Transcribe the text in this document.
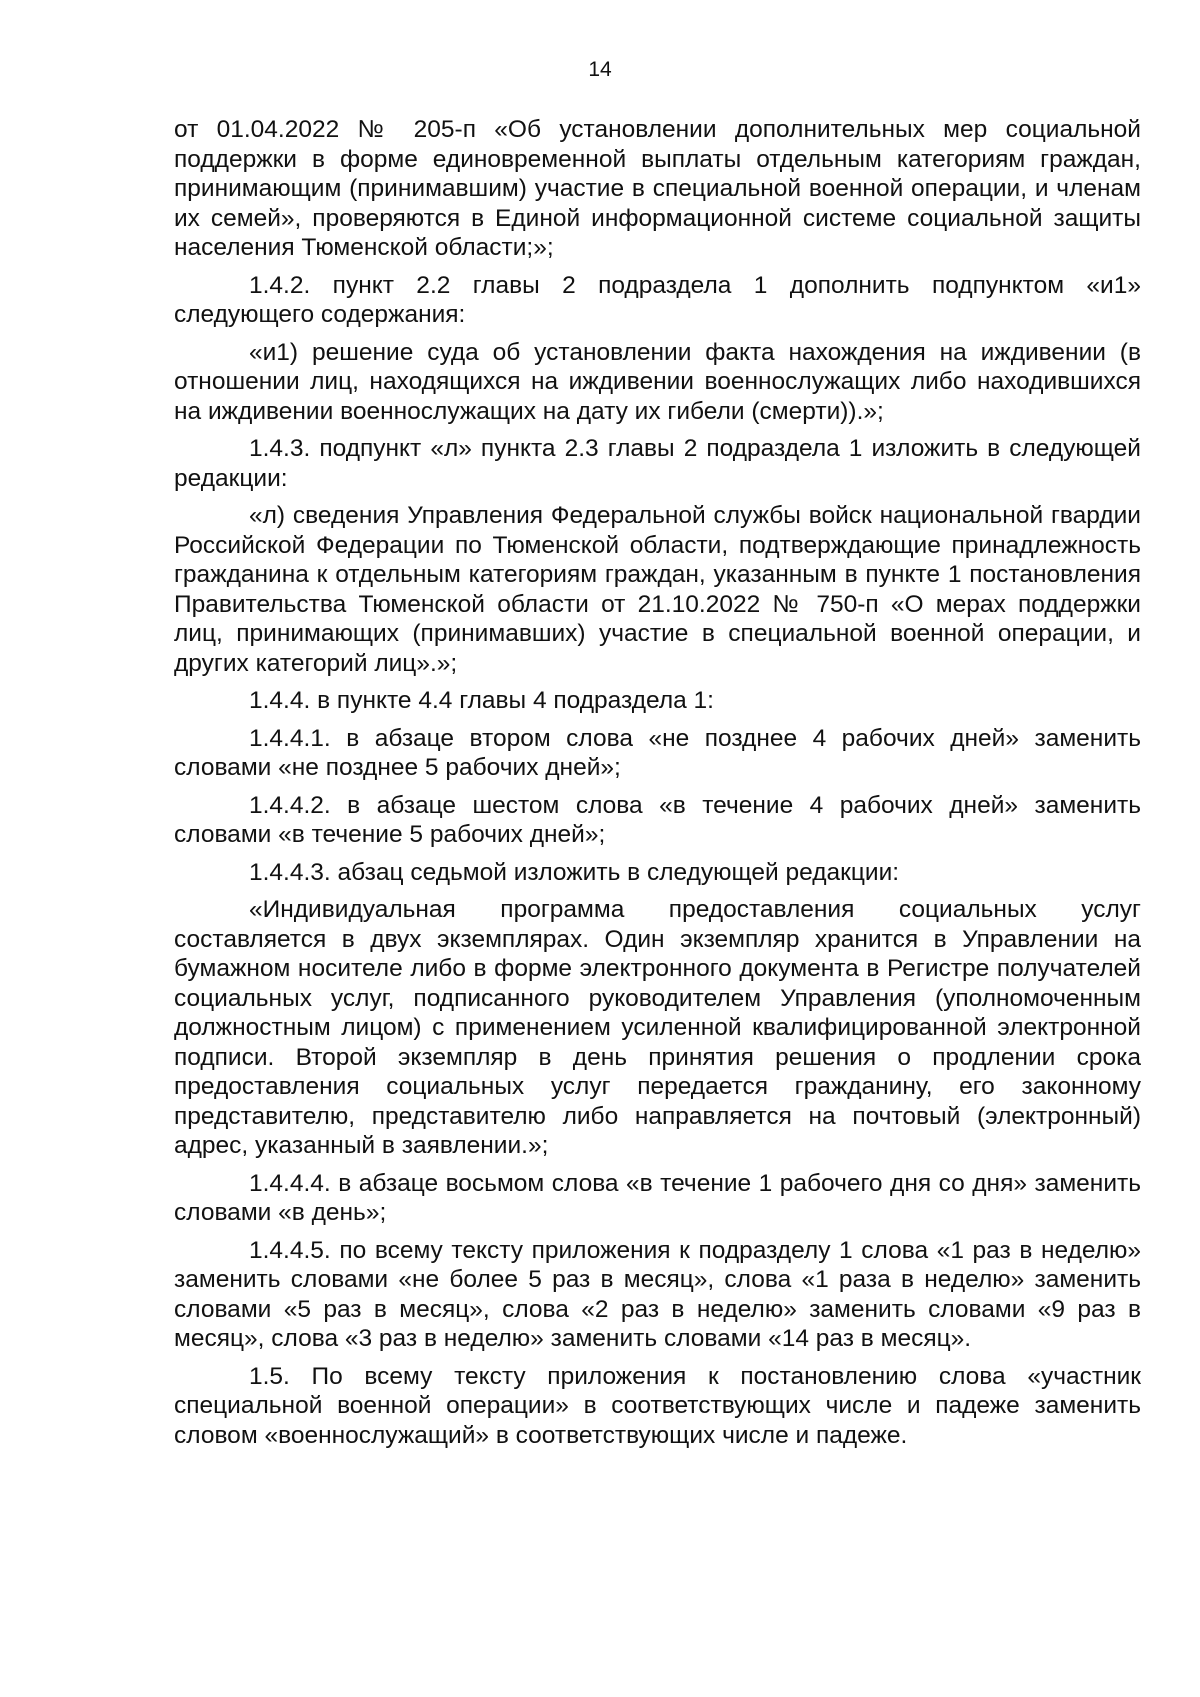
14

от 01.04.2022 № 205-п «Об установлении дополнительных мер социальной поддержки в форме единовременной выплаты отдельным категориям граждан, принимающим (принимавшим) участие в специальной военной операции, и членам их семей», проверяются в Единой информационной системе социальной защиты населения Тюменской области;»;

1.4.2. пункт 2.2 главы 2 подраздела 1 дополнить подпунктом «и1» следующего содержания:

«и1) решение суда об установлении факта нахождения на иждивении (в отношении лиц, находящихся на иждивении военнослужащих либо находившихся на иждивении военнослужащих на дату их гибели (смерти)).»;

1.4.3. подпункт «л» пункта 2.3 главы 2 подраздела 1 изложить в следующей редакции:

«л) сведения Управления Федеральной службы войск национальной гвардии Российской Федерации по Тюменской области, подтверждающие принадлежность гражданина к отдельным категориям граждан, указанным в пункте 1 постановления Правительства Тюменской области от 21.10.2022 № 750-п «О мерах поддержки лиц, принимающих (принимавших) участие в специальной военной операции, и других категорий лиц».»;

1.4.4. в пункте 4.4 главы 4 подраздела 1:

1.4.4.1. в абзаце втором слова «не позднее 4 рабочих дней» заменить словами «не позднее 5 рабочих дней»;

1.4.4.2. в абзаце шестом слова «в течение 4 рабочих дней» заменить словами «в течение 5 рабочих дней»;

1.4.4.3. абзац седьмой изложить в следующей редакции:

«Индивидуальная программа предоставления социальных услуг составляется в двух экземплярах. Один экземпляр хранится в Управлении на бумажном носителе либо в форме электронного документа в Регистре получателей социальных услуг, подписанного руководителем Управления (уполномоченным должностным лицом) с применением усиленной квалифицированной электронной подписи. Второй экземпляр в день принятия решения о продлении срока предоставления социальных услуг передается гражданину, его законному представителю, представителю либо направляется на почтовый (электронный) адрес, указанный в заявлении.»;

1.4.4.4. в абзаце восьмом слова «в течение 1 рабочего дня со дня» заменить словами «в день»;

1.4.4.5. по всему тексту приложения к подразделу 1 слова «1 раз в неделю» заменить словами «не более 5 раз в месяц», слова «1 раза в неделю» заменить словами «5 раз в месяц», слова «2 раз в неделю» заменить словами «9 раз в месяц», слова «3 раз в неделю» заменить словами «14 раз в месяц».

1.5. По всему тексту приложения к постановлению слова «участник специальной военной операции» в соответствующих числе и падеже заменить словом «военнослужащий» в соответствующих числе и падеже.
